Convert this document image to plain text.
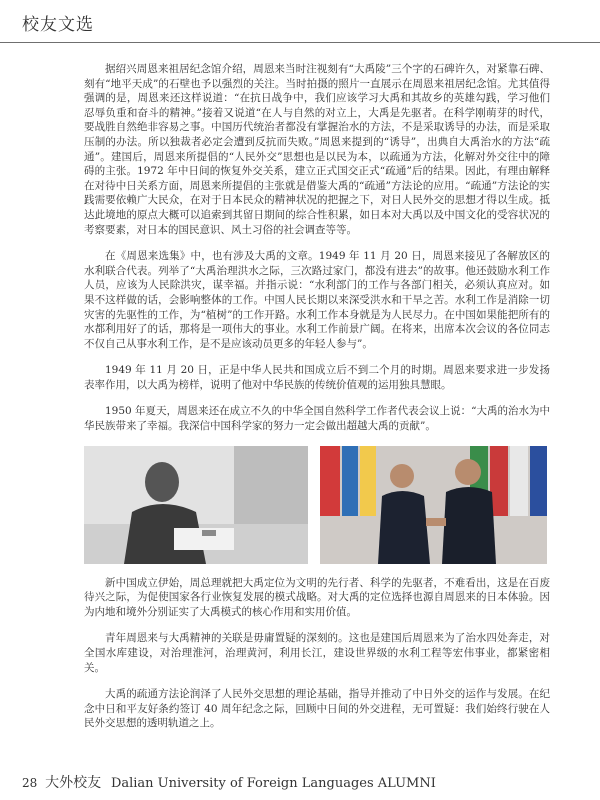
校友文选

据绍兴周恩来祖居纪念馆介绍，周恩来当时注视刻有“大禹陵”三个字的石碑许久，对紧靠石碑、刻有“地平天成”的石壁也予以强烈的关注。当时拍摄的照片一直展示在周恩来祖居纪念馆。尤其值得强调的是，周恩来还这样说道：“在抗日战争中，我们应该学习大禹和其故乡的英雄勾践，学习他们忍辱负重和奋斗的精神。”接着又说道“在人与自然的对立上，大禹是先驱者。在科学刚萌芽的时代，要战胜自然绝非容易之事。中国历代统治者都没有掌握治水的方法，不是采取诱导的办法，而是采取压制的办法。所以独裁者必定会遭到反抗而失败。”周恩来提到的“诱导”，出典自大禹治水的方法“疏通”。建国后，周恩来所提倡的“人民外交”思想也是以民为本，以疏通为方法，化解对外交往中的障碍的主张。1972 年中日间的恢复外交关系，建立正式国交正式“疏通”后的结果。因此，有理由解释在对待中日关系方面，周恩来所提倡的主张就是借鉴大禹的“疏通”方法论的应用。“疏通”方法论的实践需要依赖广大民众，在对于日本民众的精神状况的把握之下，对日人民外交的思想才得以生成。抵达此境地的原点大概可以追索到其留日期间的综合性积累，如日本对大禹以及中国文化的受容状况的考察要素，对日本的国民意识、风土习俗的社会调查等等。

在《周恩来选集》中，也有涉及大禹的文章。1949 年 11 月 20 日，周恩来接见了各解放区的水利联合代表。列举了“大禹治理洪水之际，三次路过家门，都没有进去”的故事。他还鼓励水利工作人员，应该为人民除洪灾，谋幸福。并指示说：“水利部门的工作与各部门相关，必须认真应对。如果不这样做的话，会影响整体的工作。中国人民长期以来深受洪水和干旱之苦。水利工作是消除一切灾害的先驱性的工作，为“植树”的工作开路。水利工作本身就是为人民尽力。在中国如果能把所有的水都利用好了的话，那将是一项伟大的事业。水利工作前景广阔。在将来，出席本次会议的各位同志不仅自己从事水利工作，是不是应该动员更多的年轻人参与”。

1949 年 11 月 20 日，正是中华人民共和国成立后不到二个月的时期。周恩来要求进一步发扬表率作用，以大禹为榜样，说明了他对中华民族的传统价值观的运用独具慧眼。

1950 年夏天，周恩来还在成立不久的中华全国自然科学工作者代表会议上说：“大禹的治水为中华民族带来了幸福。我深信中国科学家的努力一定会做出超越大禹的贡献”。

新中国成立伊始，周总理就把大禹定位为文明的先行者、科学的先驱者，不难看出，这是在百废待兴之际，为促使国家各行业恢复发展的模式战略。对大禹的定位选择也源自周恩来的日本体验。因为内地和境外分别证实了大禹模式的核心作用和实用价值。

青年周恩来与大禹精神的关联是毋庸置疑的深刻的。这也是建国后周恩来为了治水四处奔走，对全国水库建设，对治理淮河，治理黄河，利用长江，建设世界级的水利工程等宏伟事业，都紧密相关。

大禹的疏通方法论润泽了人民外交思想的理论基础，指导并推动了中日外交的运作与发展。在纪念中日和平友好条约签订 40 周年纪念之际，回顾中日间的外交进程，无可置疑：我们始终行驶在人民外交思想的透明轨道之上。

28 大外校友 Dalian University of Foreign Languages ALUMNI
